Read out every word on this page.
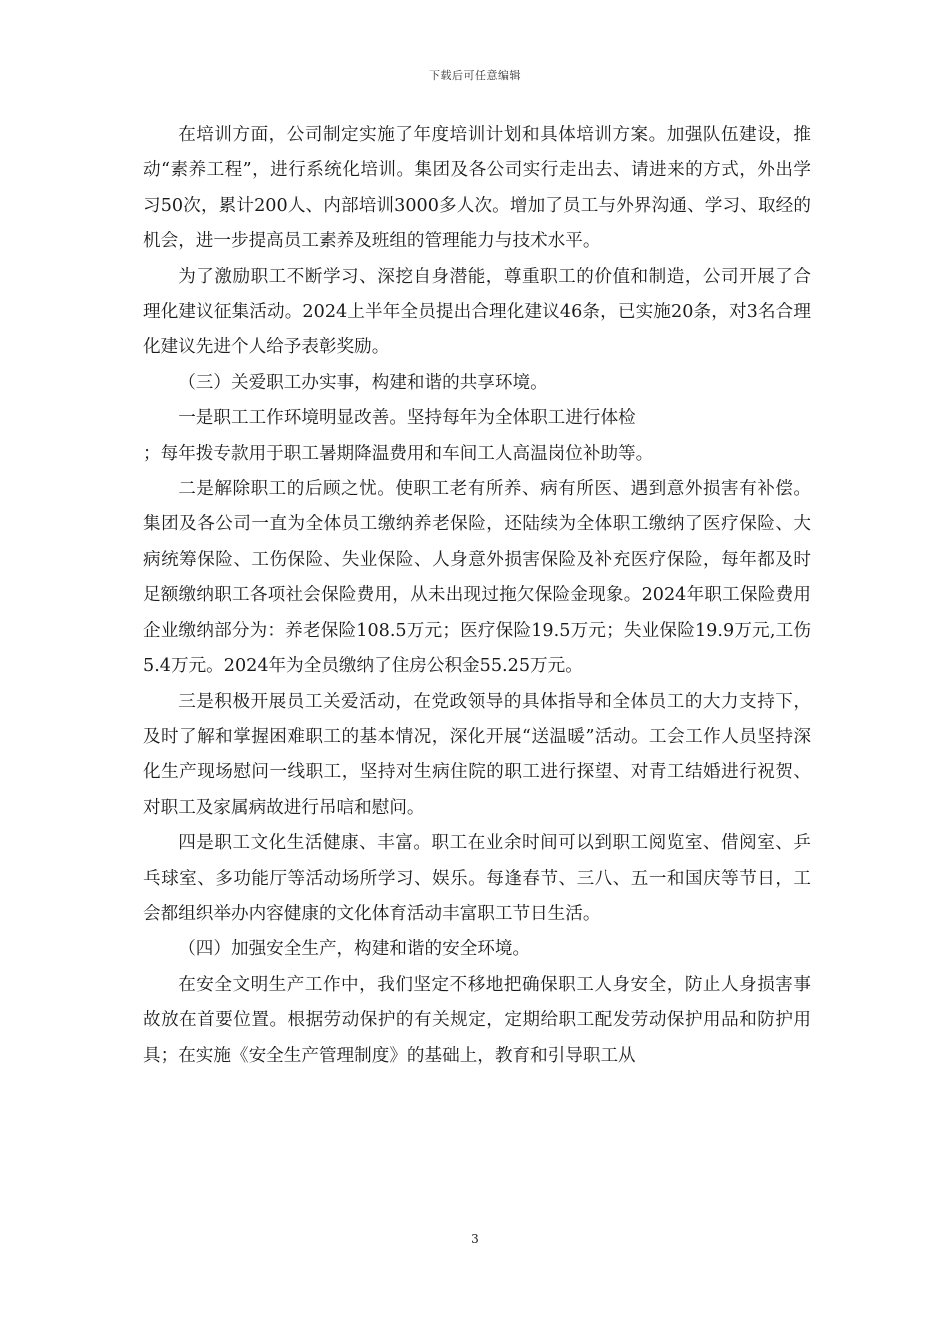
下载后可任意编辑

在培训方面，公司制定实施了年度培训计划和具体培训方案。加强队伍建设，推动“素养工程”，进行系统化培训。集团及各公司实行走出去、请进来的方式，外出学习50次，累计200人、内部培训3000多人次。增加了员工与外界沟通、学习、取经的机会，进一步提高员工素养及班组的管理能力与技术水平。

为了激励职工不断学习、深挖自身潜能，尊重职工的价值和制造，公司开展了合理化建议征集活动。2024上半年全员提出合理化建议46条，已实施20条，对3名合理化建议先进个人给予表彰奖励。

（三）关爱职工办实事，构建和谐的共享环境。

一是职工工作环境明显改善。坚持每年为全体职工进行体检

；每年拨专款用于职工暑期降温费用和车间工人高温岗位补助等。

二是解除职工的后顾之忧。使职工老有所养、病有所医、遇到意外损害有补偿。集团及各公司一直为全体员工缴纳养老保险，还陆续为全体职工缴纳了医疗保险、大病统筹保险、工伤保险、失业保险、人身意外损害保险及补充医疗保险，每年都及时足额缴纳职工各项社会保险费用，从未出现过拖欠保险金现象。2024年职工保险费用企业缴纳部分为：养老保险108.5万元；医疗保险19.5万元；失业保险19.9万元,工伤5.4万元。2024年为全员缴纳了住房公积金55.25万元。

三是积极开展员工关爱活动，在党政领导的具体指导和全体员工的大力支持下，及时了解和掌握困难职工的基本情况，深化开展“送温暖”活动。工会工作人员坚持深化生产现场慰问一线职工，坚持对生病住院的职工进行探望、对青工结婚进行祝贺、对职工及家属病故进行吊唁和慰问。

四是职工文化生活健康、丰富。职工在业余时间可以到职工阅览室、借阅室、乒乓球室、多功能厅等活动场所学习、娱乐。每逢春节、三八、五一和国庆等节日，工会都组织举办内容健康的文化体育活动丰富职工节日生活。

（四）加强安全生产，构建和谐的安全环境。

在安全文明生产工作中，我们坚定不移地把确保职工人身安全，防止人身损害事故放在首要位置。根据劳动保护的有关规定，定期给职工配发劳动保护用品和防护用具；在实施《安全生产管理制度》的基础上，教育和引导职工从

3
